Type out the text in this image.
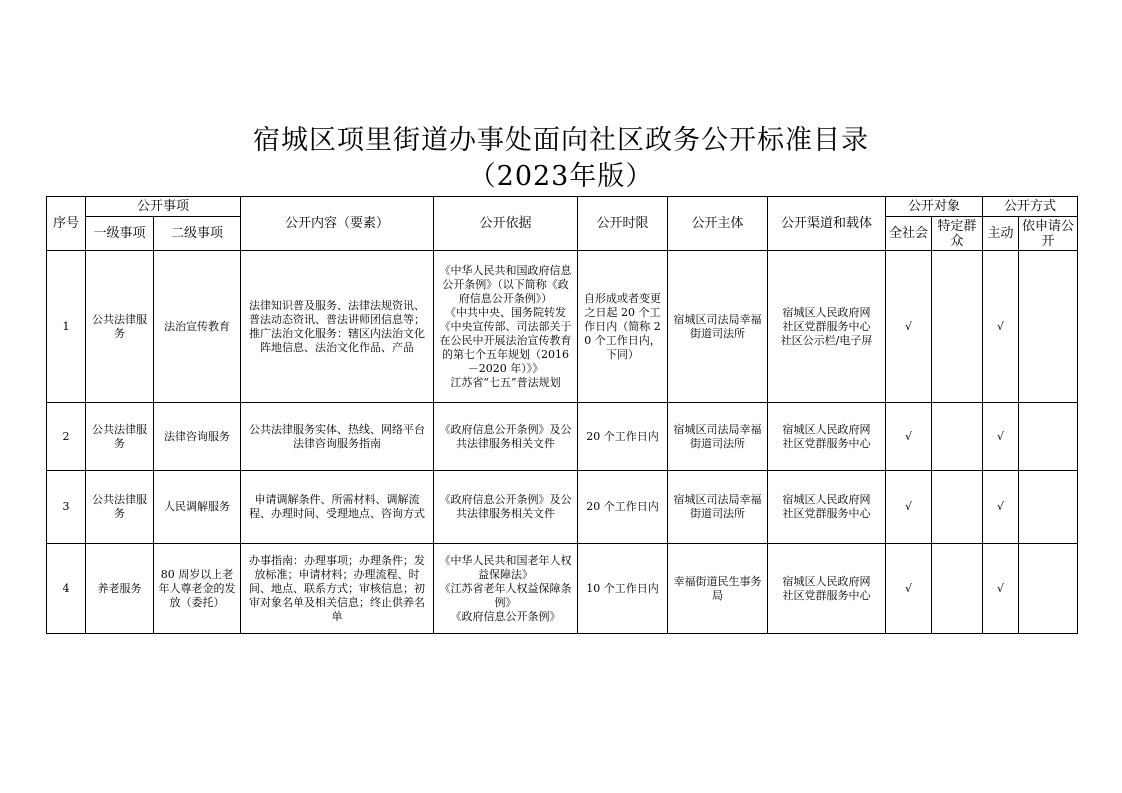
宿城区项里街道办事处面向社区政务公开标准目录
（2023年版）
序号	公开事项		公开内容（要素）	公开依据	公开时限	公开主体	公开渠道和载体	公开对象		公开方式	
	一级事项	二级事项						全社会	特定群众	主动	依申请公开
1	公共法律服务	法治宣传教育	法律知识普及服务、法律法规资讯、普法动态资讯、普法讲师团信息等；
推广法治文化服务：辖区内法治文化阵地信息、法治文化作品、产品	《中华人民共和国政府信息公开条例》（以下简称《政府信息公开条例》）
《中共中央、国务院转发《中央宣传部、司法部关于在公民中开展法治宣传教育的第七个五年规划（2016－2020 年）》》
江苏省“七五”普法规划	自形成或者变更之日起 20 个工作日内（简称 20 个工作日内，下同）	宿城区司法局幸福街道司法所	宿城区人民政府网
社区党群服务中心
社区公示栏/电子屏	√		√	
2	公共法律服务	法律咨询服务	公共法律服务实体、热线、网络平台法律咨询服务指南	《政府信息公开条例》及公共法律服务相关文件	20 个工作日内	宿城区司法局幸福街道司法所	宿城区人民政府网
社区党群服务中心	√		√	
3	公共法律服务	人民调解服务	申请调解条件、所需材料、调解流程、办理时间、受理地点、咨询方式	《政府信息公开条例》及公共法律服务相关文件	20 个工作日内	宿城区司法局幸福街道司法所	宿城区人民政府网
社区党群服务中心	√		√	
4	养老服务	80 周岁以上老年人尊老金的发放（委托）	办事指南：办理事项；办理条件；发放标准；申请材料；办理流程、时间、地点、联系方式；审核信息；初审对象名单及相关信息；终止供养名单	《中华人民共和国老年人权益保障法》
《江苏省老年人权益保障条例》
《政府信息公开条例》	10 个工作日内	幸福街道民生事务局	宿城区人民政府网
社区党群服务中心	√		√	
